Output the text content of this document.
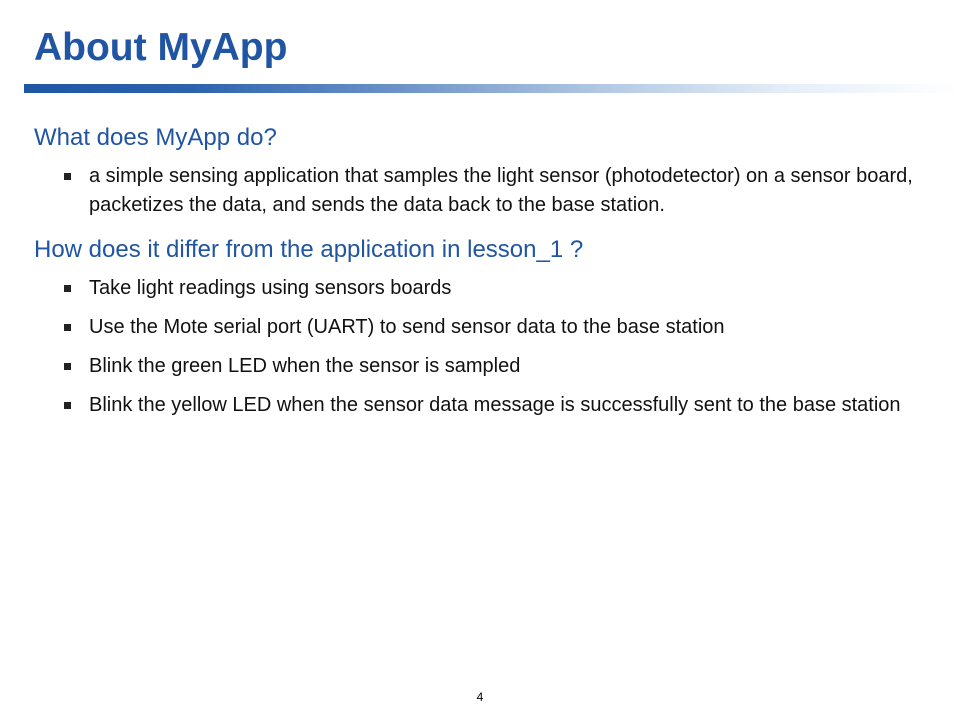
About MyApp
What does MyApp do?
a simple sensing application that samples the light sensor (photodetector) on a sensor board, packetizes the data, and sends the data back to the base station.
How does it differ from the application in lesson_1 ?
Take light readings using sensors boards
Use the Mote serial port (UART) to send sensor data to the base station
Blink the green LED when the sensor is sampled
Blink the yellow LED when the sensor data message is successfully sent to the base station
4
